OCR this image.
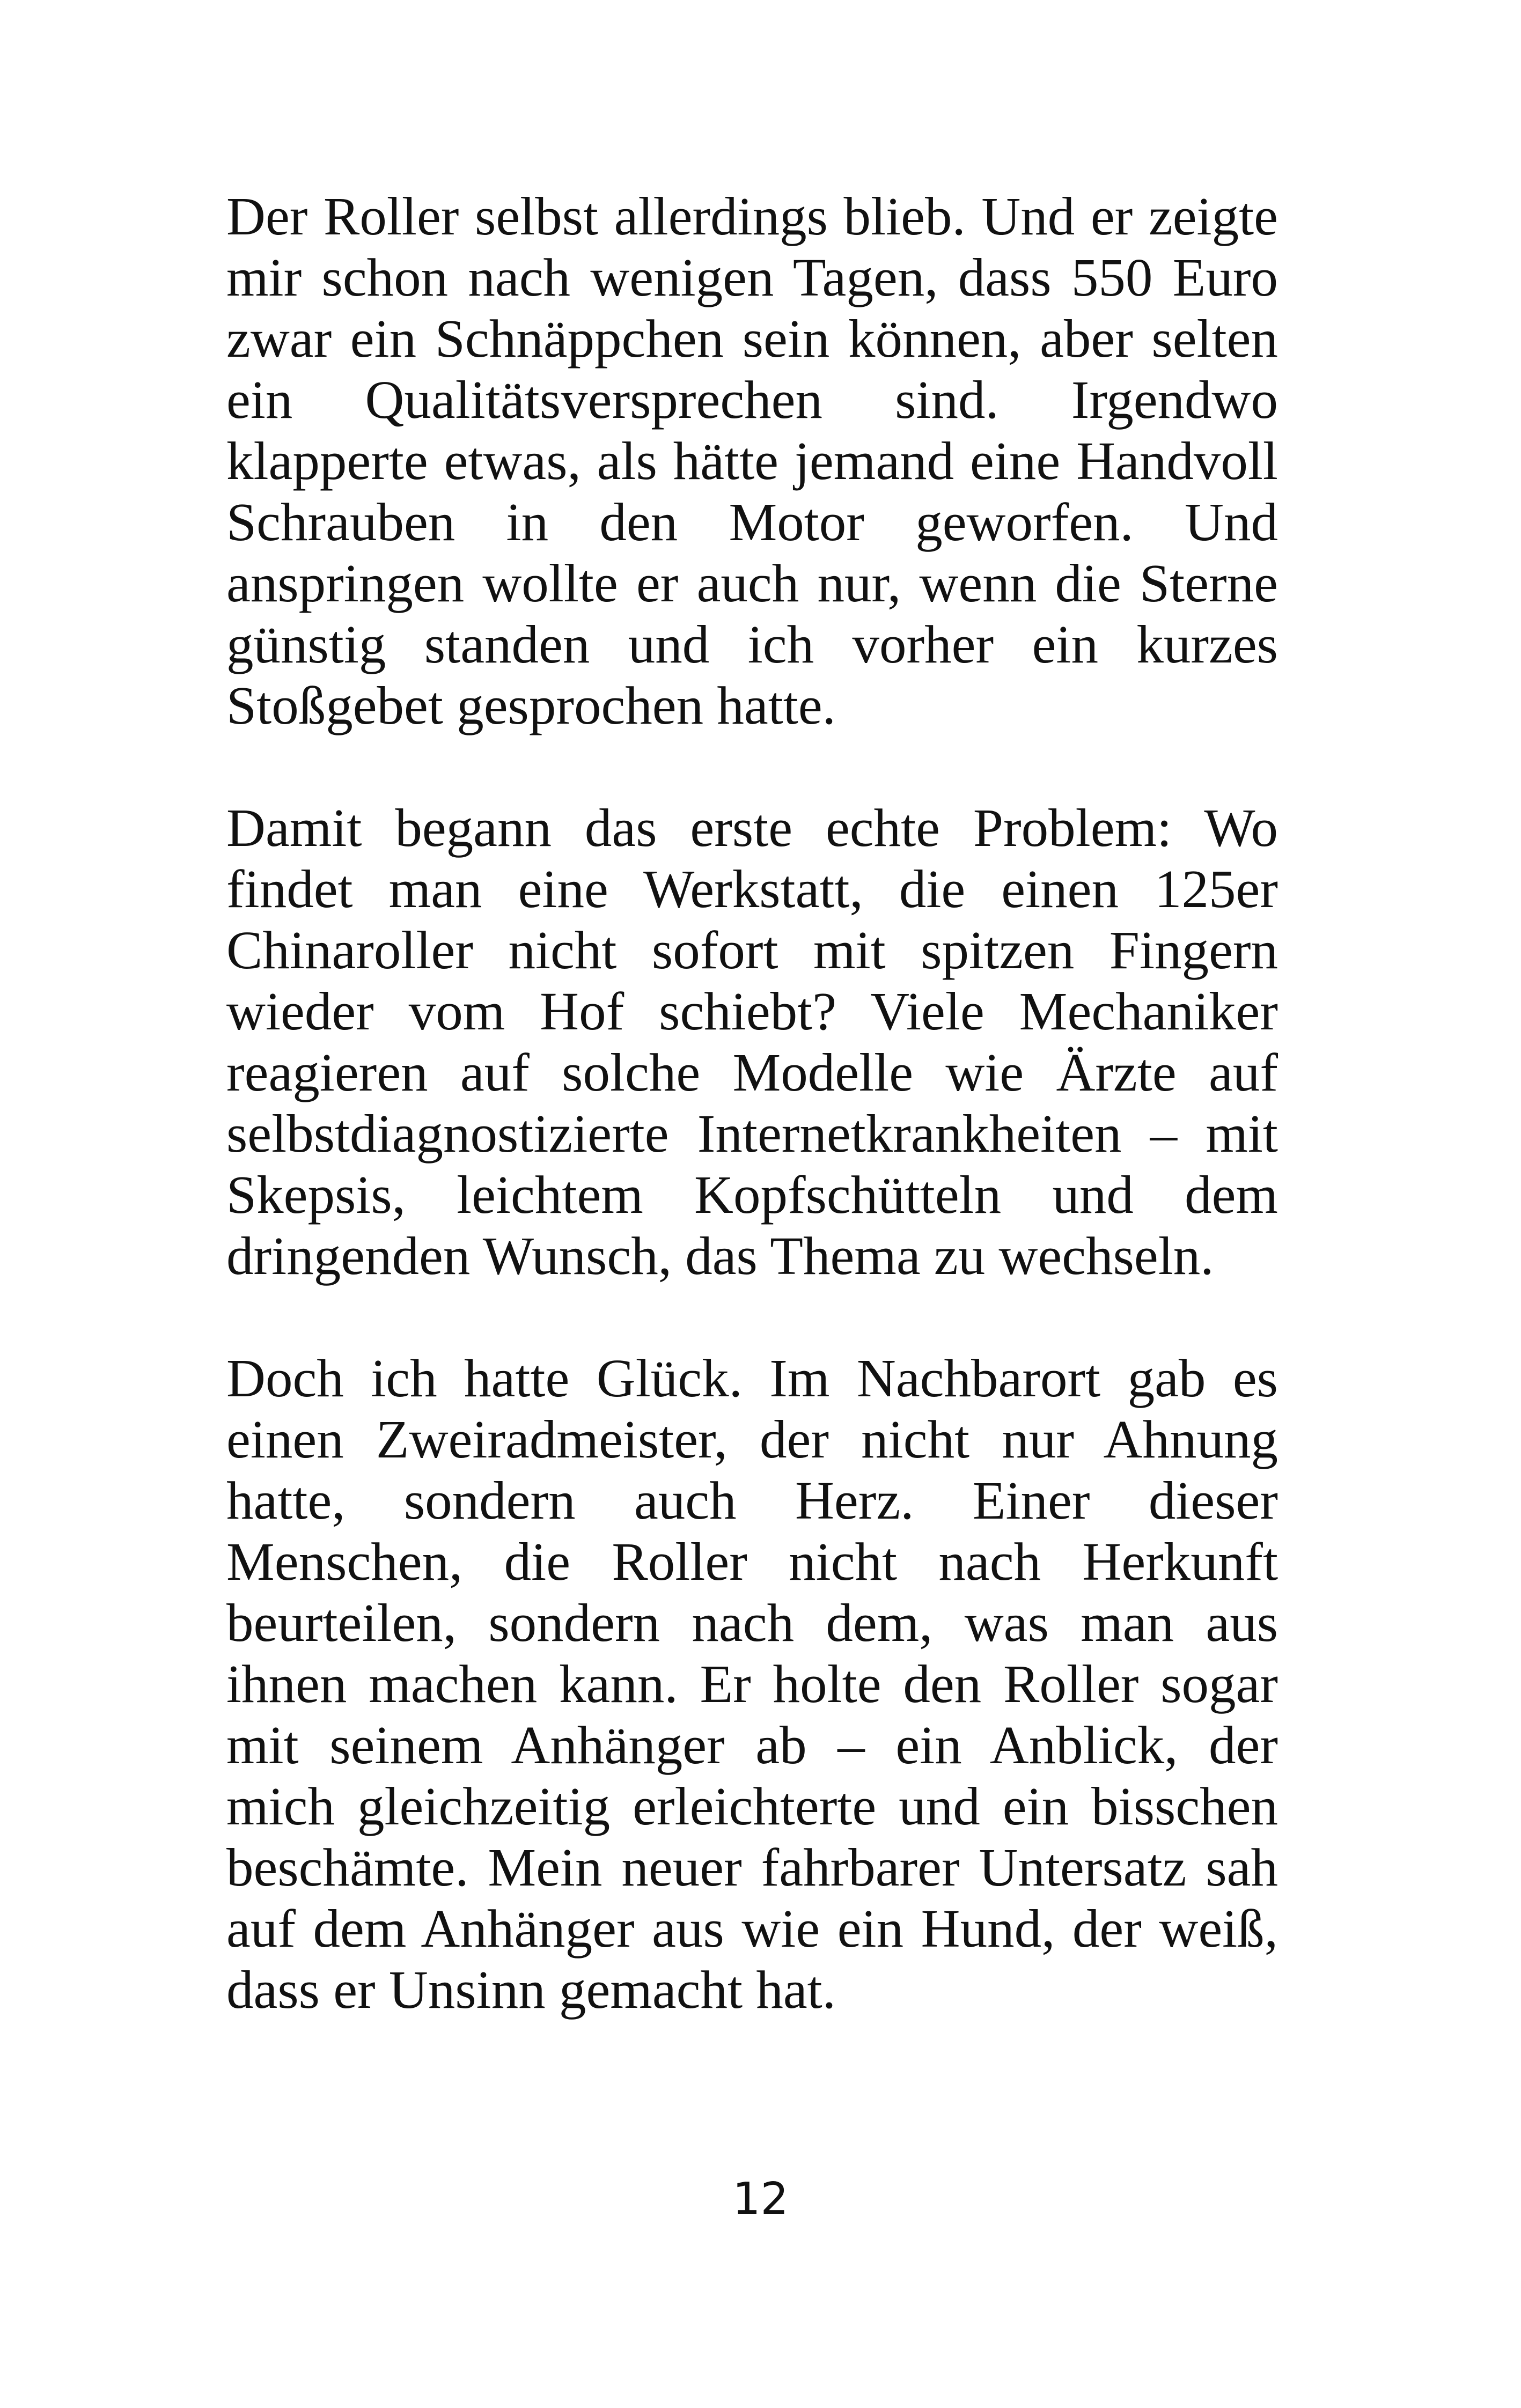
Der Roller selbst allerdings blieb. Und er zeigte mir schon nach wenigen Tagen, dass 550 Euro zwar ein Schnäppchen sein können, aber selten ein Qualitätsversprechen sind. Irgendwo klapperte etwas, als hätte jemand eine Handvoll Schrauben in den Motor geworfen. Und anspringen wollte er auch nur, wenn die Sterne günstig standen und ich vorher ein kurzes Stoßgebet gesprochen hatte.

Damit begann das erste echte Problem: Wo findet man eine Werkstatt, die einen 125er Chinaroller nicht sofort mit spitzen Fingern wieder vom Hof schiebt? Viele Mechaniker reagieren auf solche Modelle wie Ärzte auf selbstdiagnostizierte Internetkrankheiten – mit Skepsis, leichtem Kopfschütteln und dem dringenden Wunsch, das Thema zu wechseln.

Doch ich hatte Glück. Im Nachbarort gab es einen Zweiradmeister, der nicht nur Ahnung hatte, sondern auch Herz. Einer dieser Menschen, die Roller nicht nach Herkunft beurteilen, sondern nach dem, was man aus ihnen machen kann. Er holte den Roller sogar mit seinem Anhänger ab – ein Anblick, der mich gleichzeitig erleichterte und ein bisschen beschämte. Mein neuer fahrbarer Untersatz sah auf dem Anhänger aus wie ein Hund, der weiß, dass er Unsinn gemacht hat.

12
